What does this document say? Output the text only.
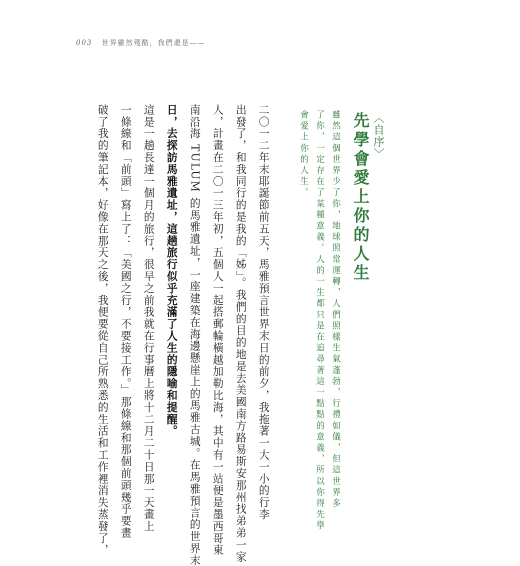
003 世界雖然殘酷，我們還是——
〈自序〉
先學會愛上你的人生
雖然這個世界少了你，地球照常運轉，人們照樣生氣蓬勃，行禮如儀，但這世界多
了你，一定存在了某種意義。人的一生都只是在追尋著這一點點的意義，所以你得先學
會愛上你的人生。
二〇一二年末耶誕節前五天，馬雅預言世界末日的前夕，我拖著一大一小的行李
出發了，和我同行的是我的「姊」。我們的目的地是去美國南方路易斯安那州找弟弟一家
人，計畫在二〇一三年初，五個人一起搭郵輪橫越加勒比海，其中有一站便是墨西哥東
南沿海 TULUM 的馬雅遺址，一座建築在海邊懸崖上的馬雅古城。在馬雅預言的世界末
日，去探訪馬雅遺址，這趟旅行似乎充滿了人生的隱喻和提醒。
這是一趟長達一個月的旅行，很早之前我就在行事曆上將十二月二十日那一天畫上
一條線和「前頭」寫上了：「美國之行，不要接工作。」那條線和那個前頭幾乎要畫
破了我的筆記本，好像在那天之後，我便要從自己所熟悉的生活和工作裡消失蒸發了，
